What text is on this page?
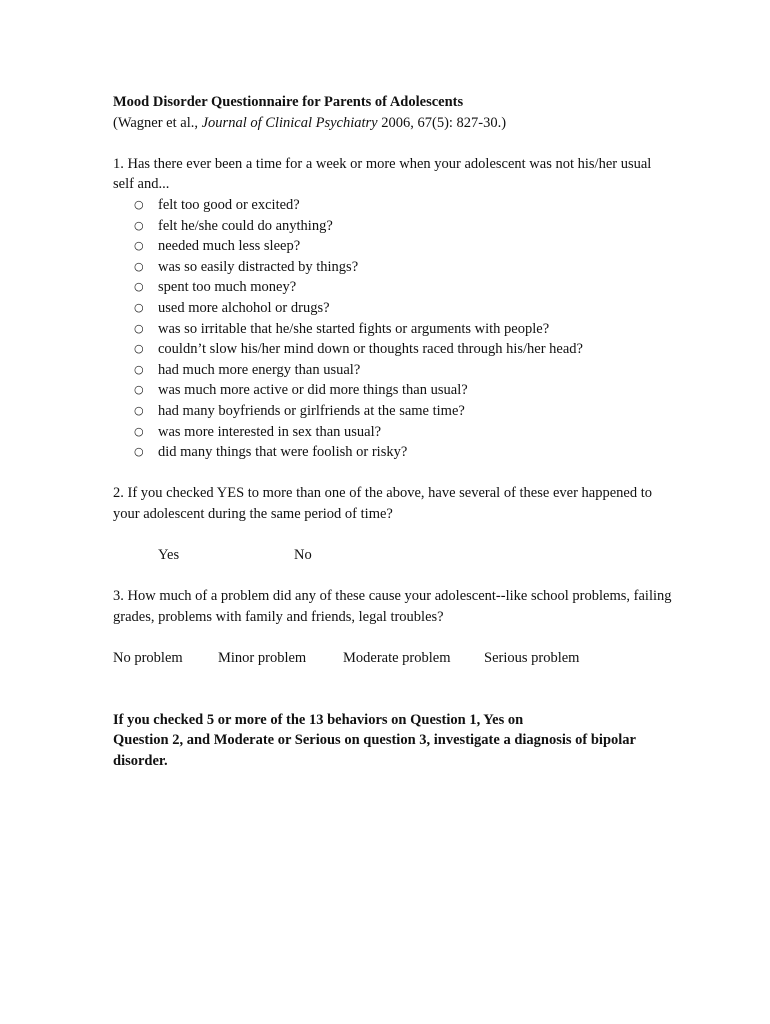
Mood Disorder Questionnaire for Parents of Adolescents

(Wagner et al., Journal of Clinical Psychiatry 2006, 67(5): 827-30.)

1. Has there ever been a time for a week or more when your adolescent was not his/her usual self and...

○ felt too good or excited?
○ felt he/she could do anything?
○ needed much less sleep?
○ was so easily distracted by things?
○ spent too much money?
○ used more alchohol or drugs?
○ was so irritable that he/she started fights or arguments with people?
○ couldn’t slow his/her mind down or thoughts raced through his/her head?
○ had much more energy than usual?
○ was much more active or did more things than usual?
○ had many boyfriends or girlfriends at the same time?
○ was more interested in sex than usual?
○ did many things that were foolish or risky?

2. If you checked YES to more than one of the above, have several of these ever happened to your adolescent during the same period of time?

Yes	No

3. How much of a problem did any of these cause your adolescent--like school problems, failing grades, problems with family and friends, legal troubles?

No problem Minor problem	Moderate problem Serious problem

If you checked 5 or more of the 13 behaviors on Question 1, Yes on

Question 2, and Moderate or Serious on question 3, investigate a diagnosis of bipolar disorder.
